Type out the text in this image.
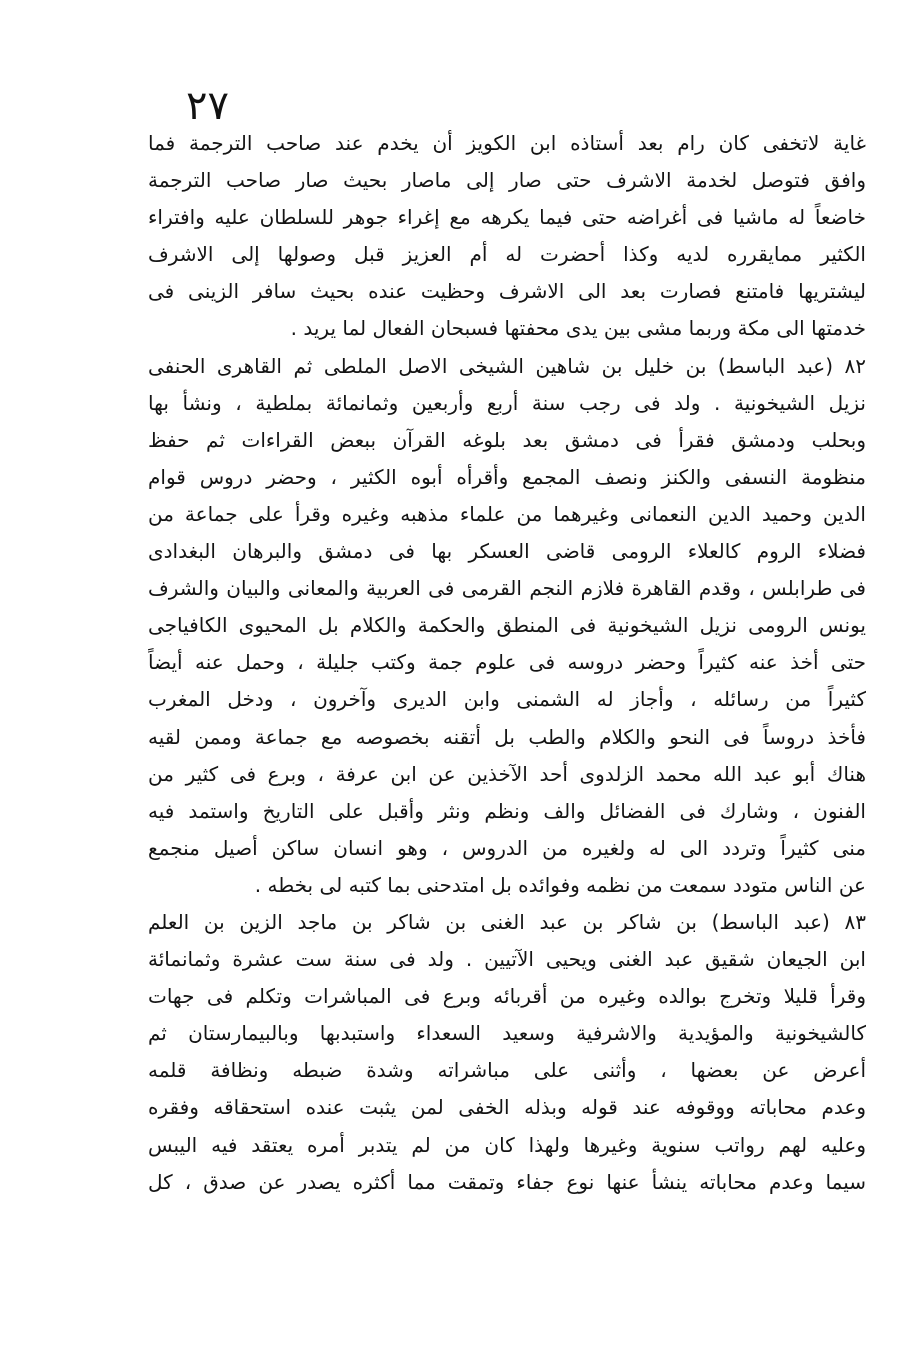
٢٧
غاية لاتخفى كان رام بعد أستاذه ابن الكويز أن يخدم عند صاحب الترجمة فما
وافق فتوصل لخدمة الاشرف حتى صار إلى ماصار بحيث صار صاحب الترجمة
خاضعاً له ماشيا فى أغراضه حتى فيما يكرهه مع إغراء جوهر للسلطان عليه وافتراء
الكثير ممايقرره لديه وكذا أحضرت له أم العزيز قبل وصولها إلى الاشرف
ليشتريها فامتنع فصارت بعد الى الاشرف وحظيت عنده بحيث سافر الزينى فى
خدمتها الى مكة وربما مشى بين يدى محفتها فسبحان الفعال لما يريد .
٨٢ (عبد الباسط) بن خليل بن شاهين الشيخى الاصل الملطى ثم القاهرى الحنفى
نزيل الشيخونية . ولد فى رجب سنة أربع وأربعين وثمانمائة بملطية ، ونشأ بها
وبحلب ودمشق فقرأ فى دمشق بعد بلوغه القرآن ببعض القراءات ثم حفظ
منظومة النسفى والكنز ونصف المجمع وأقرأه أبوه الكثير ، وحضر دروس قوام
الدين وحميد الدين النعمانى وغيرهما من علماء مذهبه وغيره وقرأ على جماعة من
فضلاء الروم كالعلاء الرومى قاضى العسكر بها فى دمشق والبرهان البغدادى
فى طرابلس ، وقدم القاهرة فلازم النجم القرمى فى العربية والمعانى والبيان والشرف
يونس الرومى نزيل الشيخونية فى المنطق والحكمة والكلام بل المحيوى الكافياجى
حتى أخذ عنه كثيراً وحضر دروسه فى علوم جمة وكتب جليلة ، وحمل عنه أيضاً
كثيراً من رسائله ، وأجاز له الشمنى وابن الديرى وآخرون ، ودخل المغرب
فأخذ دروساً فى النحو والكلام والطب بل أتقنه بخصوصه مع جماعة وممن لقيه
هناك أبو عبد الله محمد الزلدوى أحد الآخذين عن ابن عرفة ، وبرع فى كثير من
الفنون ، وشارك فى الفضائل والف ونظم ونثر وأقبل على التاريخ واستمد فيه
منى كثيراً وتردد الى له ولغيره من الدروس ، وهو انسان ساكن أصيل منجمع
عن الناس متودد سمعت من نظمه وفوائده بل امتدحنى بما كتبه لى بخطه .
٨٣ (عبد الباسط) بن شاكر بن عبد الغنى بن شاكر بن ماجد الزين بن العلم
ابن الجيعان شقيق عبد الغنى ويحيى الآتيين . ولد فى سنة ست عشرة وثمانمائة
وقرأ قليلا وتخرج بوالده وغيره من أقربائه وبرع فى المباشرات وتكلم فى جهات
كالشيخونية والمؤيدية والاشرفية وسعيد السعداء واستبدبها وبالبيمارستان ثم
أعرض عن بعضها ، وأثنى على مباشراته وشدة ضبطه ونظافة قلمه
وعدم محاباته ووقوفه عند قوله وبذله الخفى لمن يثبت عنده استحقاقه وفقره
وعليه لهم رواتب سنوية وغيرها ولهذا كان من لم يتدبر أمره يعتقد فيه اليبس
سيما وعدم محاباته ينشأ عنها نوع جفاء وتمقت مما أكثره يصدر عن صدق ، كل
